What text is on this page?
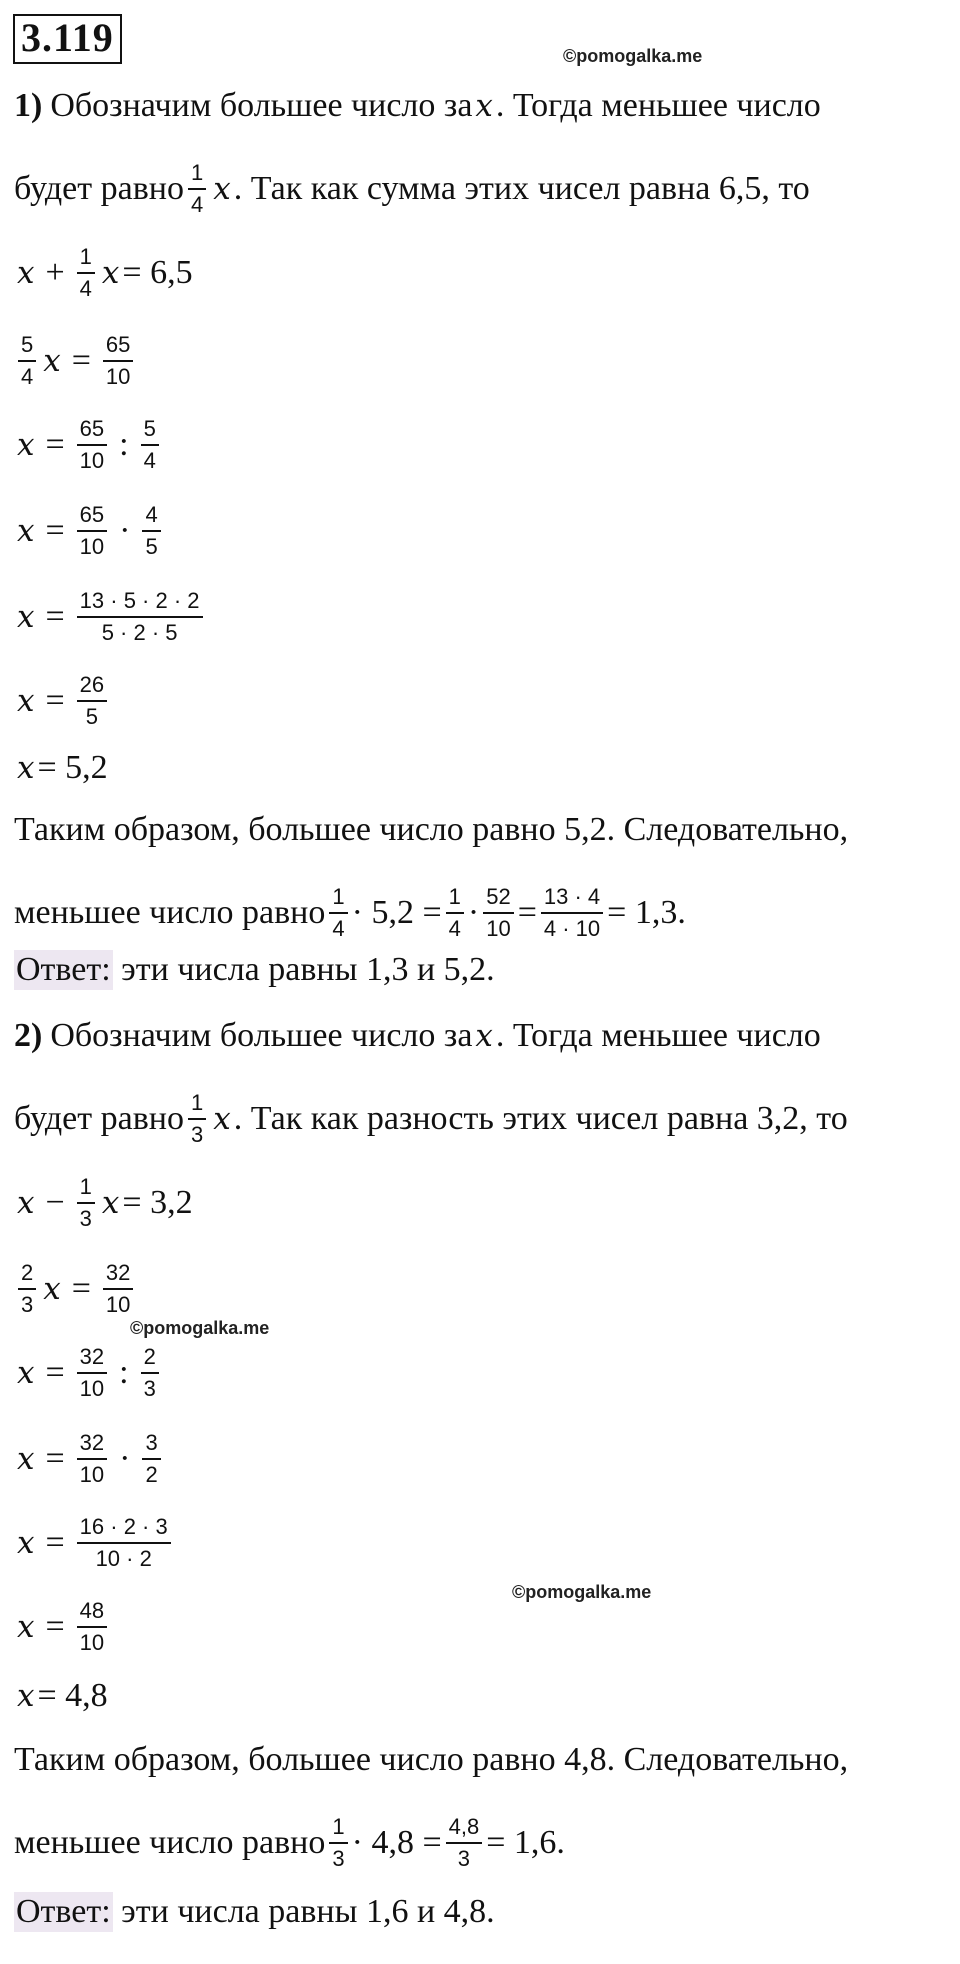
3.119	©pomogalka.me
1) Обозначим большее число за x . Тогда меньшее число
будет равно $\frac{1}{4}$ x . Так как сумма этих чисел равна 6,5, то
$x + \frac{1}{4}$ x = 6,5
$\frac{5}{4}$ $x = \frac{65}{10}$
$x = \frac{65}{10}$ : $\frac{5}{4}$
$x = \frac{65}{10} \cdot \frac{4}{5}$
$x = \frac{13 \cdot 5 \cdot 2 \cdot 2}{5 \cdot 2 \cdot 5}$
$x = \frac{26}{5}$
x = 5,2
Таким образом, большее число равно 5,2. Следовательно,
меньшее число равно $\frac{1}{4} \cdot 5,2 = \frac{1}{4} \cdot \frac{52}{10} = \frac{13 \cdot 4}{4 \cdot 10} = 1,3$.
Ответ: эти числа равны 1,3 и 5,2.
2) Обозначим большее число за x . Тогда меньшее число
будет равно $\frac{1}{3}$ x . Так как разность этих чисел равна 3,2, то
$x - \frac{1}{3}$ x = 3,2
$\frac{2}{3}$ $x = \frac{32}{10}$
©pomogalka.me
$x = \frac{32}{10}$ : $\frac{2}{3}$
$x = \frac{32}{10} \cdot \frac{3}{2}$
$x = \frac{16 \cdot 2 \cdot 3}{10 \cdot 2}$
©pomogalka.me
$x = \frac{48}{10}$
x = 4,8
Таким образом, большее число равно 4,8. Следовательно,
меньшее число равно $\frac{1}{3} \cdot 4,8 = \frac{4,8}{3} = 1,6$.
Ответ: эти числа равны 1,6 и 4,8.
